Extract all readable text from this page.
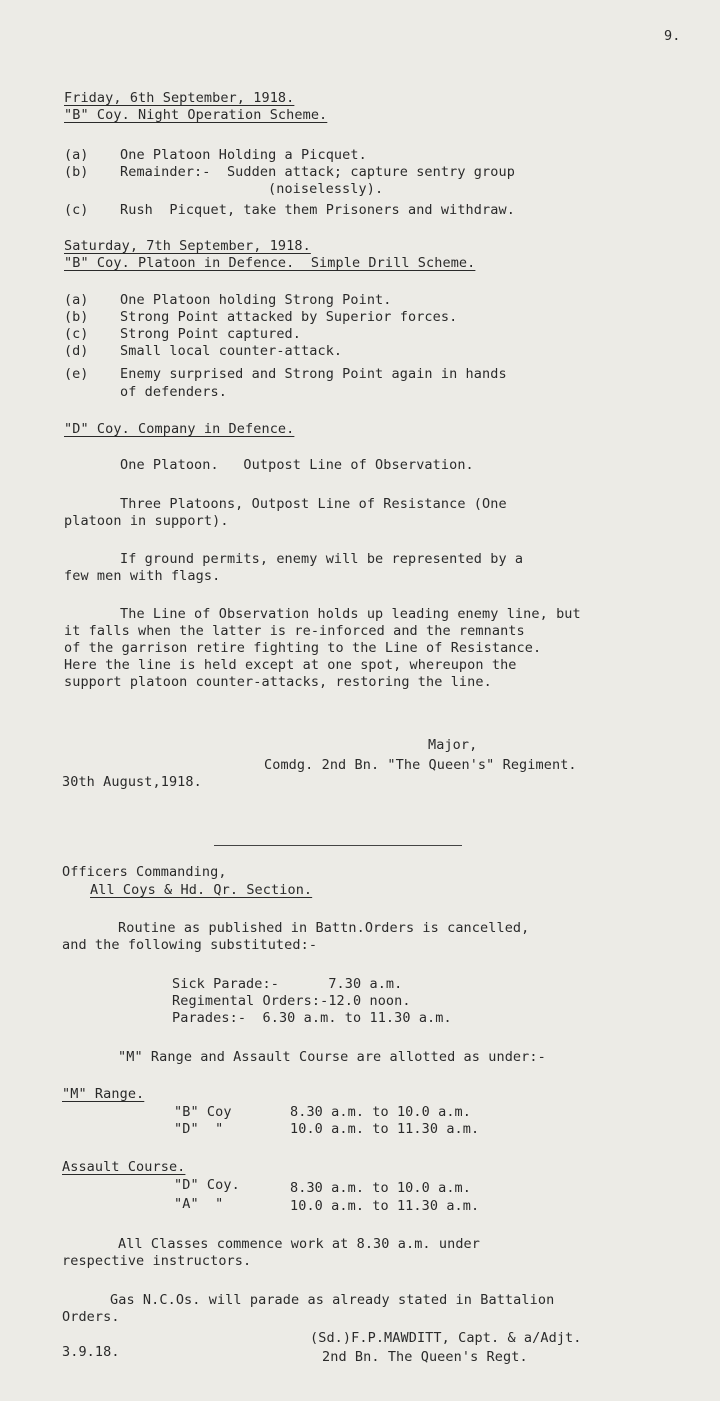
9.
Friday, 6th September, 1918.
"B" Coy. Night Operation Scheme.
(a) One Platoon Holding a Picquet.
(b) Remainder:-  Sudden attack; capture sentry group
(noiselessly).
(c) Rush  Picquet, take them Prisoners and withdraw.
Saturday, 7th September, 1918.
"B" Coy. Platoon in Defence.  Simple Drill Scheme.
(a) One Platoon holding Strong Point.
(b) Strong Point attacked by Superior forces.
(c) Strong Point captured.
(d) Small local counter-attack.
(e) Enemy surprised and Strong Point again in hands
of defenders.
"D" Coy. Company in Defence.
One Platoon.   Outpost Line of Observation.
Three Platoons, Outpost Line of Resistance (One
platoon in support).
If ground permits, enemy will be represented by a
few men with flags.
The Line of Observation holds up leading enemy line, but
it falls when the latter is re-inforced and the remnants
of the garrison retire fighting to the Line of Resistance.
Here the line is held except at one spot, whereupon the
support platoon counter-attacks, restoring the line.
Major,
Comdg. 2nd Bn. "The Queen's" Regiment.
30th August,1918.
Officers Commanding,
All Coys & Hd. Qr. Section.
Routine as published in Battn.Orders is cancelled,
and the following substituted:-
Sick Parade:-      7.30 a.m.
Regimental Orders:-12.0 noon.
Parades:-  6.30 a.m. to 11.30 a.m.
"M" Range and Assault Course are allotted as under:-
"M" Range.
"B" Coy	8.30 a.m. to 10.0 a.m.
"D"  "	10.0 a.m. to 11.30 a.m.
Assault Course.
"D" Coy.	8.30 a.m. to 10.0 a.m.
"A"  "	10.0 a.m. to 11.30 a.m.
All Classes commence work at 8.30 a.m. under
respective instructors.
Gas N.C.Os. will parade as already stated in Battalion
Orders.
(Sd.)F.P.MAWDITT, Capt. & a/Adjt.
2nd Bn. The Queen's Regt.
3.9.18.
